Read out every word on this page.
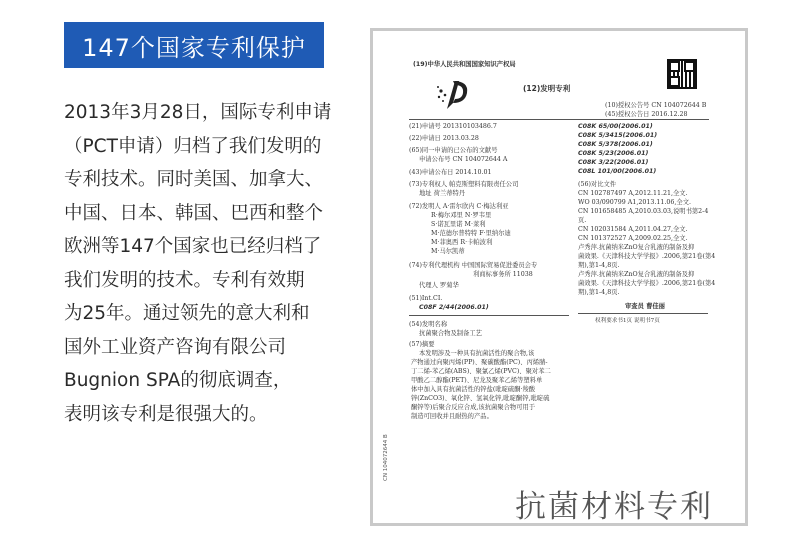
147个国家专利保护
2013年3月28日，国际专利申请
（PCT申请）归档了我们发明的
专利技术。同时美国、加拿大、
中国、日本、韩国、巴西和整个
欧洲等147个国家也已经归档了
我们发明的技术。专利有效期
为25年。通过领先的意大利和
国外工业资产咨询有限公司
Bugnion SPA的彻底调查，
表明该专利是很强大的。
(19)中华人民共和国国家知识产权局
(12)发明专利
(10)授权公告号 CN 104072644 B
(45)授权公告日 2016.12.28
(21)申请号 201310103486.7
(22)申请日 2013.03.28
(65)同一申请的已公布的文献号
申请公布号 CN 104072644 A
(43)申请公布日 2014.10.01
(73)专利权人 帕克斯塑料有限责任公司
地址 荷兰蒂特丹
(72)发明人 A·雷尔欣内 C·梅达利亚
R·梅尔邓里 N·罗韦里
S·诺瓦里诺 M·莱利
M·范德尔普特特 F·里纳尔迪
M·菲奥西 R·卡帕波利
M·马尔凯蒂
(74)专利代理机构 中国国际贸易促进委员会专
利商标事务所 11038
代理人 罗菊华
(51)Int.CI.
C08F 2/44(2006.01)
(54)发明名称
抗菌聚合物及制备工艺
(57)摘要
本发明涉及一种具有抗菌活性的聚合物,该
产物通过向聚丙烯(PP)、聚碳酸酯(PC)、丙烯腈-
丁二烯-苯乙烯(ABS)、聚氯乙烯(PVC)、聚对苯二
甲酸乙二醇酯(PET)、尼龙及聚苯乙烯等塑料单
体中加入具有抗菌活性的锌盐(吡啶硫酮·羧酸
锌(ZnCO3)、氧化锌、氢氧化锌,吡啶酮锌,吡啶硫
酮锌等)后聚合反应合成,该抗菌聚合物可用于
制造可回收并且耐热的产品。
C08K 65/00(2006.01)
C08K 5/3415(2006.01)
C08K 5/378(2006.01)
C08K 5/23(2006.01)
C08K 3/22(2006.01)
C08L 101/00(2006.01)
(56)对比文件
CN 102787497 A,2012.11.21,全文.
WO 03/090799 A1,2013.11.06,全文.
CN 101658485 A,2010.03.03,说明书第2-4
页.
CN 102031584 A,2011.04.27,全文.
CN 101372527 A,2009.02.25,全文.
卢秀萍.抗菌纳米ZnO复合乳液的制备及抑
菌效果.《天津科技大学学报》.2006,第21卷(第4
期),第1-4,8页.
卢秀萍.抗菌纳米ZnO复合乳液的制备及抑
菌效果.《天津科技大学学报》.2006,第21卷(第4
期),第1-4,8页.
审查员 曹佳丽
权利要求书1页 说明书7页
CN 104072644 B
抗菌材料专利
